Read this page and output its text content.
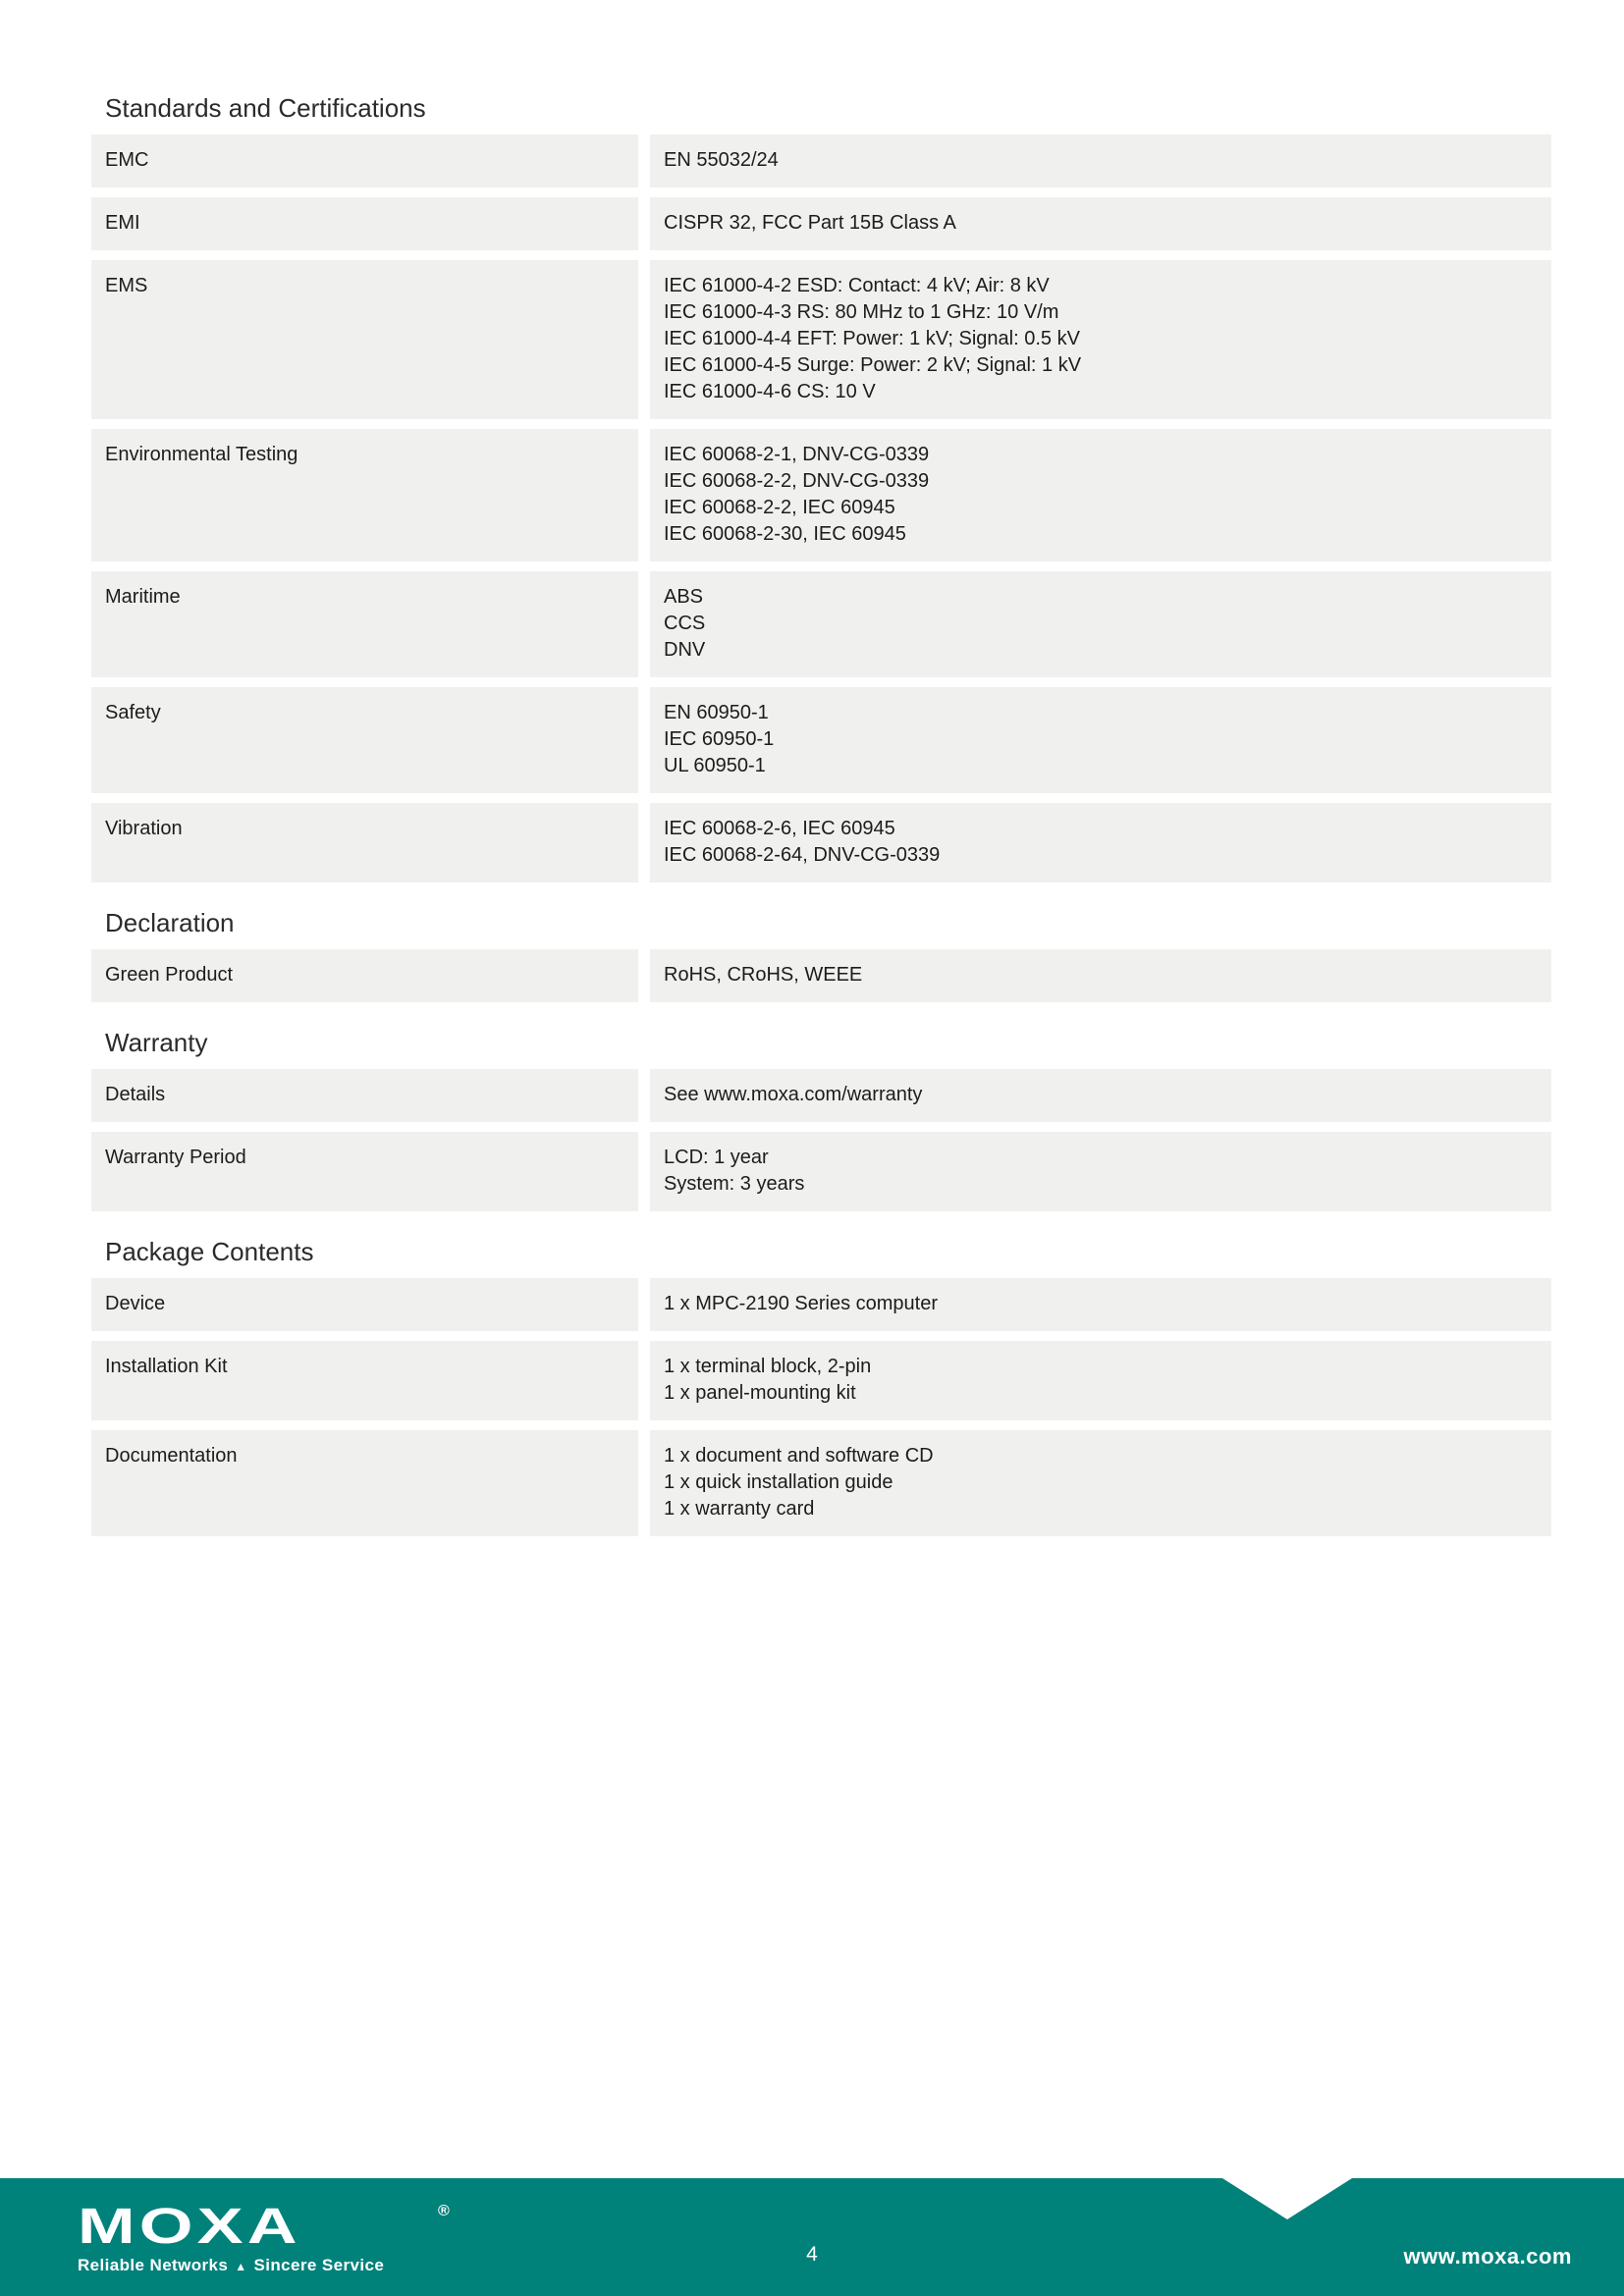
Standards and Certifications
EMC	EN 55032/24
EMI	CISPR 32, FCC Part 15B Class A
EMS	IEC 61000-4-2 ESD: Contact: 4 kV; Air: 8 kV
IEC 61000-4-3 RS: 80 MHz to 1 GHz: 10 V/m
IEC 61000-4-4 EFT: Power: 1 kV; Signal: 0.5 kV
IEC 61000-4-5 Surge: Power: 2 kV; Signal: 1 kV
IEC 61000-4-6 CS: 10 V
Environmental Testing	IEC 60068-2-1, DNV-CG-0339
IEC 60068-2-2, DNV-CG-0339
IEC 60068-2-2, IEC 60945
IEC 60068-2-30, IEC 60945
Maritime	ABS
CCS
DNV
Safety	EN 60950-1
IEC 60950-1
UL 60950-1
Vibration	IEC 60068-2-6, IEC 60945
IEC 60068-2-64, DNV-CG-0339
Declaration
Green Product	RoHS, CRoHS, WEEE
Warranty
Details	See www.moxa.com/warranty
Warranty Period	LCD: 1 year
System: 3 years
Package Contents
Device	1 x MPC-2190 Series computer
Installation Kit	1 x terminal block, 2-pin
1 x panel-mounting kit
Documentation	1 x document and software CD
1 x quick installation guide
1 x warranty card
MOXA	®
Reliable Networks ▲ Sincere Service	4	www.moxa.com
